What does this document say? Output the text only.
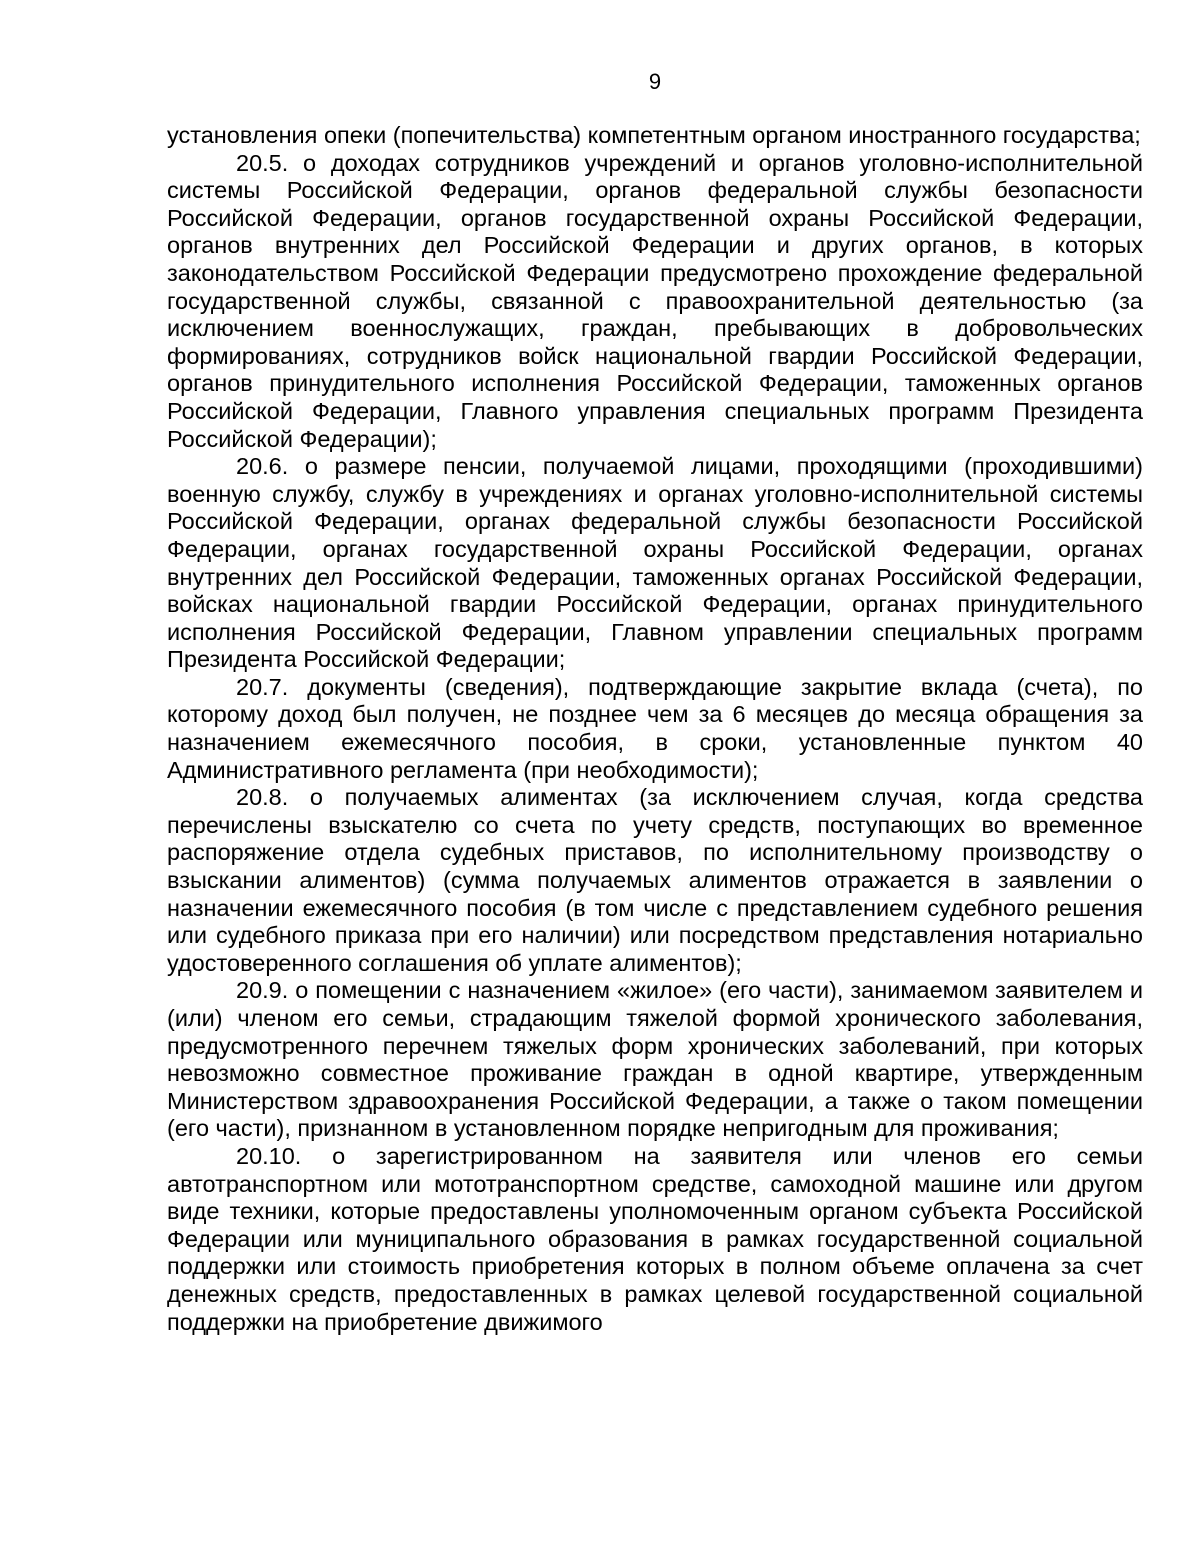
9

установления опеки (попечительства) компетентным органом иностранного государства;

20.5. о доходах сотрудников учреждений и органов уголовно-исполнительной системы Российской Федерации, органов федеральной службы безопасности Российской Федерации, органов государственной охраны Российской Федерации, органов внутренних дел Российской Федерации и других органов, в которых законодательством Российской Федерации предусмотрено прохождение федеральной государственной службы, связанной с правоохранительной деятельностью (за исключением военнослужащих, граждан, пребывающих в добровольческих формированиях, сотрудников войск национальной гвардии Российской Федерации, органов принудительного исполнения Российской Федерации, таможенных органов Российской Федерации, Главного управления специальных программ Президента Российской Федерации);

20.6. о размере пенсии, получаемой лицами, проходящими (проходившими) военную службу, службу в учреждениях и органах уголовно-исполнительной системы Российской Федерации, органах федеральной службы безопасности Российской Федерации, органах государственной охраны Российской Федерации, органах внутренних дел Российской Федерации, таможенных органах Российской Федерации, войсках национальной гвардии Российской Федерации, органах принудительного исполнения Российской Федерации, Главном управлении специальных программ Президента Российской Федерации;

20.7. документы (сведения), подтверждающие закрытие вклада (счета), по которому доход был получен, не позднее чем за 6 месяцев до месяца обращения за назначением ежемесячного пособия, в сроки, установленные пунктом 40 Административного регламента (при необходимости);

20.8. о получаемых алиментах (за исключением случая, когда средства перечислены взыскателю со счета по учету средств, поступающих во временное распоряжение отдела судебных приставов, по исполнительному производству о взыскании алиментов) (сумма получаемых алиментов отражается в заявлении о назначении ежемесячного пособия (в том числе с представлением судебного решения или судебного приказа при его наличии) или посредством представления нотариально удостоверенного соглашения об уплате алиментов);

20.9. о помещении с назначением «жилое» (его части), занимаемом заявителем и (или) членом его семьи, страдающим тяжелой формой хронического заболевания, предусмотренного перечнем тяжелых форм хронических заболеваний, при которых невозможно совместное проживание граждан в одной квартире, утвержденным Министерством здравоохранения Российской Федерации, а также о таком помещении (его части), признанном в установленном порядке непригодным для проживания;

20.10. о зарегистрированном на заявителя или членов его семьи автотранспортном или мототранспортном средстве, самоходной машине или другом виде техники, которые предоставлены уполномоченным органом субъекта Российской Федерации или муниципального образования в рамках государственной социальной поддержки или стоимость приобретения которых в полном объеме оплачена за счет денежных средств, предоставленных в рамках целевой государственной социальной поддержки на приобретение движимого
